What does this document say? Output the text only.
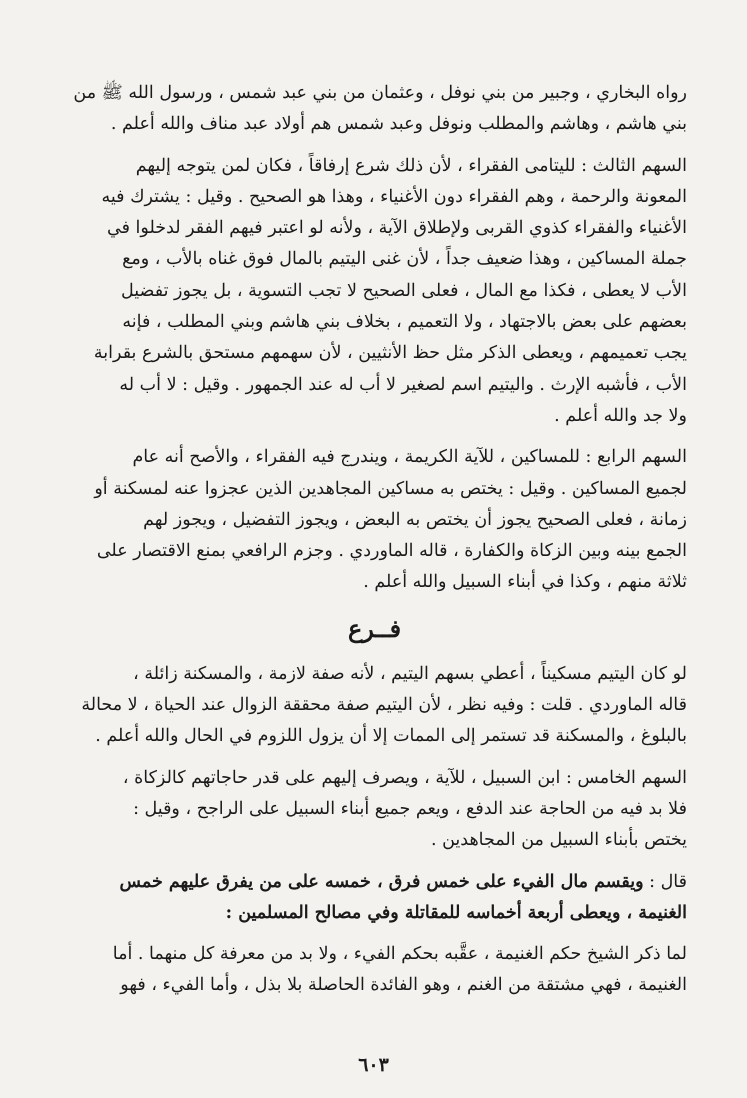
رواه البخاري ، وجبير من بني نوفل ، وعثمان من بني عبد شمس ، ورسول الله ﷺ من
بني هاشم ، وهاشم والمطلب ونوفل وعبد شمس هم أولاد عبد مناف والله أعلم .
السهم الثالث : لليتامى الفقراء ، لأن ذلك شرع إرفاقاً ، فكان لمن يتوجه إليهم
المعونة والرحمة ، وهم الفقراء دون الأغنياء ، وهذا هو الصحيح . وقيل : يشترك فيه
الأغنياء والفقراء كذوي القربى ولإطلاق الآية ، ولأنه لو اعتبر فيهم الفقر لدخلوا في
جملة المساكين ، وهذا ضعيف جداً ، لأن غنى اليتيم بالمال فوق غناه بالأب ، ومع
الأب لا يعطى ، فكذا مع المال ، فعلى الصحيح لا تجب التسوية ، بل يجوز تفضيل
بعضهم على بعض بالاجتهاد ، ولا التعميم ، بخلاف بني هاشم وبني المطلب ، فإنه
يجب تعميمهم ، ويعطى الذكر مثل حظ الأنثيين ، لأن سهمهم مستحق بالشرع بقرابة
الأب ، فأشبه الإرث . واليتيم اسم لصغير لا أب له عند الجمهور . وقيل : لا أب له
ولا جد والله أعلم .
السهم الرابع : للمساكين ، للآية الكريمة ، ويندرج فيه الفقراء ، والأصح أنه عام
لجميع المساكين . وقيل : يختص به مساكين المجاهدين الذين عجزوا عنه لمسكنة أو
زمانة ، فعلى الصحيح يجوز أن يختص به البعض ، ويجوز التفضيل ، ويجوز لهم
الجمع بينه وبين الزكاة والكفارة ، قاله الماوردي . وجزم الرافعي بمنع الاقتصار على
ثلاثة منهم ، وكذا في أبناء السبيل والله أعلم .
فــرع
لو كان اليتيم مسكيناً ، أعطي بسهم اليتيم ، لأنه صفة لازمة ، والمسكنة زائلة ،
قاله الماوردي . قلت : وفيه نظر ، لأن اليتيم صفة محققة الزوال عند الحياة ، لا محالة
بالبلوغ ، والمسكنة قد تستمر إلى الممات إلا أن يزول اللزوم في الحال والله أعلم .
السهم الخامس : ابن السبيل ، للآية ، ويصرف إليهم على قدر حاجاتهم كالزكاة ،
فلا بد فيه من الحاجة عند الدفع ، ويعم جميع أبناء السبيل على الراجح ، وقيل :
يختص بأبناء السبيل من المجاهدين .
قال : ويقسم مال الفيء على خمس فرق ، خمسه على من يفرق عليهم خمس
الغنيمة ، ويعطى أربعة أخماسه للمقاتلة وفي مصالح المسلمين :
لما ذكر الشيخ حكم الغنيمة ، عقَّبه بحكم الفيء ، ولا بد من معرفة كل منهما . أما
الغنيمة ، فهي مشتقة من الغنم ، وهو الفائدة الحاصلة بلا بذل ، وأما الفيء ، فهو
٦٠٣
